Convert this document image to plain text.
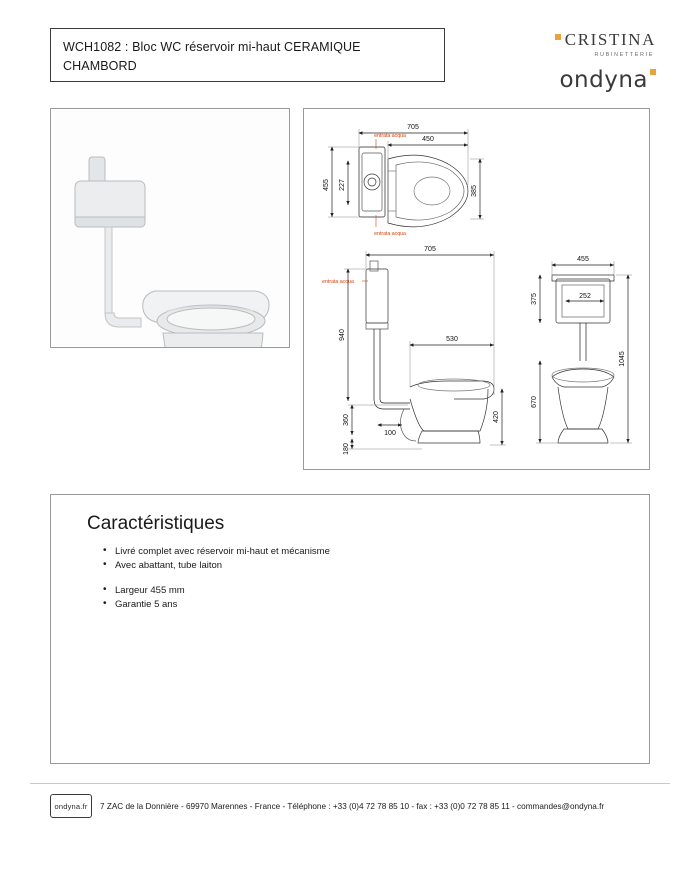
WCH1082 : Bloc WC réservoir mi-haut CERAMIQUE CHAMBORD
CRISTINA
RUBINETTERIE
ondyna
705
450
455 227
385
705
530
940
360
180
100
420
455
252
375
670
1045
entrata acqua
entrata acqua
entrata acqua
Caractéristiques
• Livré complet avec réservoir mi-haut et mécanisme
• Avec abattant, tube laiton
• Largeur 455 mm
• Garantie 5 ans
ondyna.fr	7 ZAC de la Donnière - 69970 Marennes - France - Téléphone : +33 (0)4 72 78 85 10 - fax : +33 (0)0 72 78 85 11 - commandes@ondyna.fr
